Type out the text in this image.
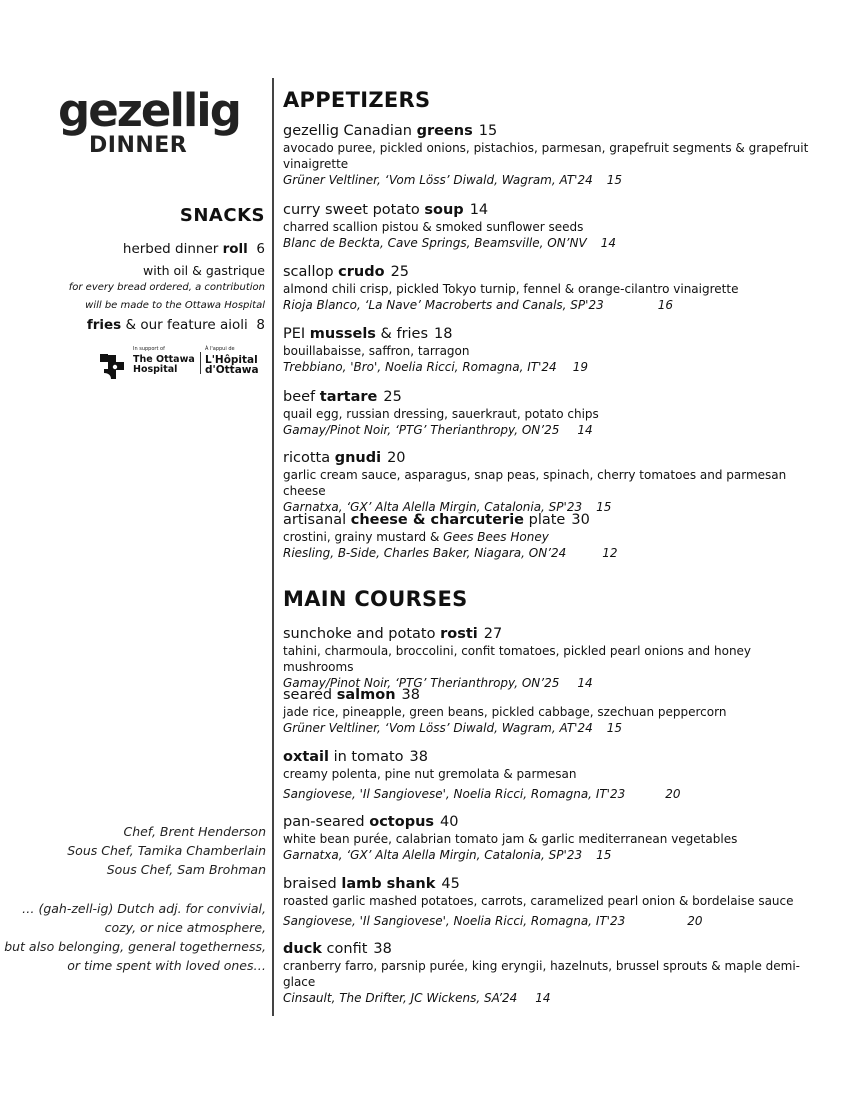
gezellig
DINNER
SNACKS
herbed dinner roll 6
with oil & gastrique
for every bread ordered, a contribution
will be made to the Ottawa Hospital
fries & our feature aioli 8
In support of
The Ottawa
Hospital
À l'appui de
L'Hôpital
d'Ottawa
Chef, Brent Henderson
Sous Chef, Tamika Chamberlain
Sous Chef, Sam Brohman
… (gah-zell-ig) Dutch adj. for convivial,
cozy, or nice atmosphere,
but also belonging, general togetherness,
or time spent with loved ones…
APPETIZERS
gezellig Canadian greens 15
avocado puree, pickled onions, pistachios, parmesan, grapefruit segments & grapefruit vinaigrette
Grüner Veltliner, ‘Vom Löss’ Diwald, Wagram, AT'24 15
curry sweet potato soup 14
charred scallion pistou & smoked sunflower seeds
Blanc de Beckta, Cave Springs, Beamsville, ON’NV 14
scallop crudo 25
almond chili crisp, pickled Tokyo turnip, fennel & orange-cilantro vinaigrette
Rioja Blanco, ‘La Nave’ Macroberts and Canals, SP'23	16
PEI mussels & fries 18
bouillabaisse, saffron, tarragon
Trebbiano, 'Bro', Noelia Ricci, Romagna, IT'24 19
beef tartare 25
quail egg, russian dressing, sauerkraut, potato chips
Gamay/Pinot Noir, ‘PTG’ Therianthropy, ON’25 14
ricotta gnudi 20
garlic cream sauce, asparagus, snap peas, spinach, cherry tomatoes and parmesan cheese
Garnatxa, ‘GX’ Alta Alella Mirgin, Catalonia, SP'23 15
artisanal cheese & charcuterie plate 30
crostini, grainy mustard & Gees Bees Honey
Riesling, B-Side, Charles Baker, Niagara, ON’24	12
MAIN COURSES
sunchoke and potato rosti 27
tahini, charmoula, broccolini, confit tomatoes, pickled pearl onions and honey mushrooms
Gamay/Pinot Noir, ‘PTG’ Therianthropy, ON’25 14
seared salmon 38
jade rice, pineapple, green beans, pickled cabbage, szechuan peppercorn
Grüner Veltliner, ‘Vom Löss’ Diwald, Wagram, AT'24 15
oxtail in tomato 38
creamy polenta, pine nut gremolata & parmesan
Sangiovese, 'Il Sangiovese', Noelia Ricci, Romagna, IT'23	20
pan-seared octopus 40
white bean purée, calabrian tomato jam & garlic mediterranean vegetables
Garnatxa, ‘GX’ Alta Alella Mirgin, Catalonia, SP'23 15
braised lamb shank 45
roasted garlic mashed potatoes, carrots, caramelized pearl onion & bordelaise sauce
Sangiovese, 'Il Sangiovese', Noelia Ricci, Romagna, IT'23	20
duck confit 38
cranberry farro, parsnip purée, king eryngii, hazelnuts, brussel sprouts & maple demi-glace
Cinsault, The Drifter, JC Wickens, SA’24 14
